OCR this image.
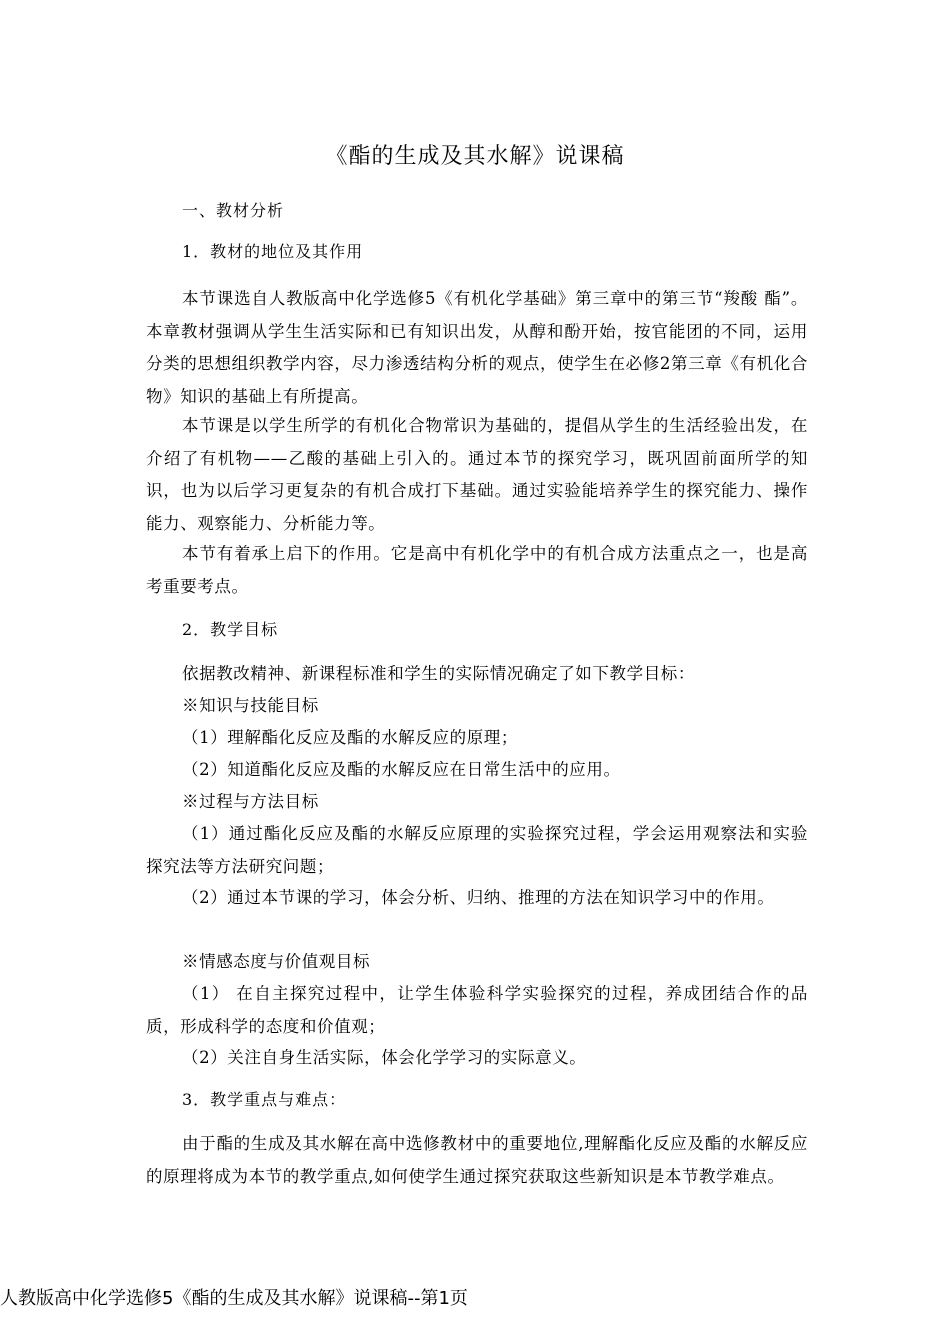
《酯的生成及其水解》说课稿
一、教材分析
1．教材的地位及其作用

本节课选自人教版高中化学选修5《有机化学基础》第三章中的第三节“羧酸 酯”。 本章教材强调从学生生活实际和已有知识出发，从醇和酚开始，按官能团的不同，运用分类的思想组织教学内容，尽力渗透结构分析的观点，使学生在必修2第三章《有机化合物》知识的基础上有所提高。

本节课是以学生所学的有机化合物常识为基础的，提倡从学生的生活经验出发，在介绍了有机物——乙酸的基础上引入的。通过本节的探究学习，既巩固前面所学的知识，也为以后学习更复杂的有机合成打下基础。通过实验能培养学生的探究能力、操作能力、观察能力、分析能力等。

本节有着承上启下的作用。它是高中有机化学中的有机合成方法重点之一，也是高考重要考点。

2．教学目标
依据教改精神、新课程标准和学生的实际情况确定了如下教学目标：
※知识与技能目标
（1）理解酯化反应及酯的水解反应的原理；
（2）知道酯化反应及酯的水解反应在日常生活中的应用。
※过程与方法目标

（1）通过酯化反应及酯的水解反应原理的实验探究过程，学会运用观察法和实验探究法等方法研究问题；

（2）通过本节课的学习，体会分析、归纳、推理的方法在知识学习中的作用。

※情感态度与价值观目标

（1） 在自主探究过程中，让学生体验科学实验探究的过程，养成团结合作的品质，形成科学的态度和价值观；

（2）关注自身生活实际，体会化学学习的实际意义。
3．教学重点与难点：

由于酯的生成及其水解在高中选修教材中的重要地位,理解酯化反应及酯的水解反应的原理将成为本节的教学重点,如何使学生通过探究获取这些新知识是本节教学难点。

人教版高中化学选修5《酯的生成及其水解》说课稿--第1页
